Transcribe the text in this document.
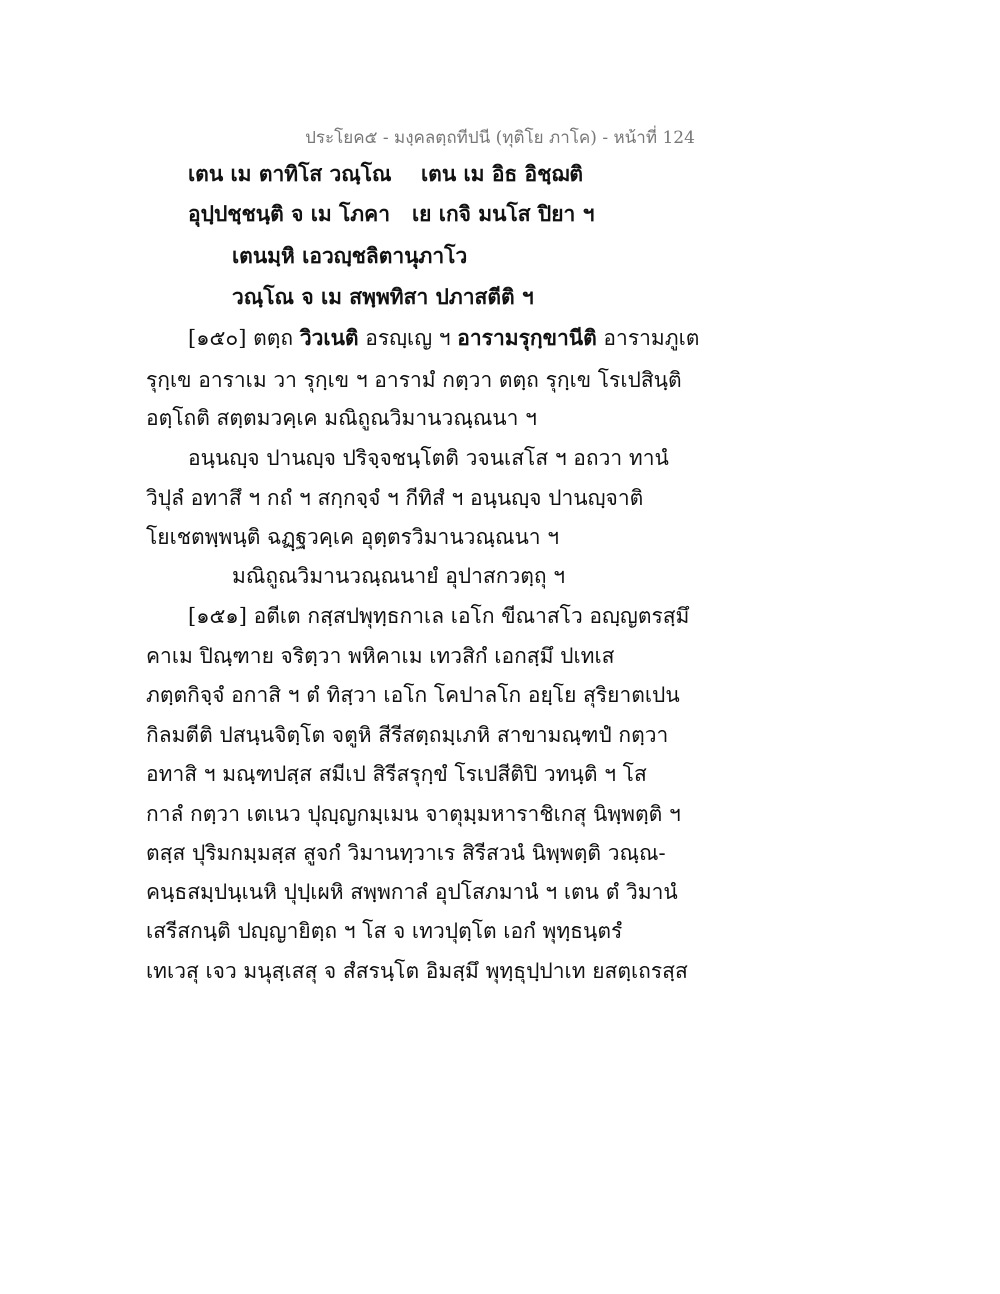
ประโยค๕ - มงฺคลตฺถทีปนี (ทุติโย ภาโค) - หน้าที่ 124
เตน เม ตาทิโส วณฺโณ เตน เม อิธ อิชฺฌติ
อุปฺปชฺชนฺติ จ เม โภคา เย เกจิ มนโส ปิยา ฯ
เตนมฺหิ เอวญฺชลิตานุภาโว
วณฺโณ จ เม สพฺพทิสา ปภาสตีติ ฯ
[๑๕๐] ตตฺถ วิวเนติ อรญฺเญ ฯ อารามรุกฺขานีติ อารามภูเต
รุกฺเข อาราเม วา รุกฺเข ฯ อารามํ กตฺวา ตตฺถ รุกฺเข โรเปสินฺติ
อตฺโถติ สตฺตมวคฺเค มณิถูณวิมานวณฺณนา ฯ
อนฺนญฺจ ปานญฺจ ปริจฺจชนฺโตติ วจนเสโส ฯ อถวา ทานํ
วิปุลํ อทาสึ ฯ กถํ ฯ สกฺกจฺจํ ฯ กีทิสํ ฯ อนฺนญฺจ ปานญฺจาติ
โยเชตพฺพนฺติ ฉฏฺฐวคฺเค อุตฺตรวิมานวณฺณนา ฯ
มณิถูณวิมานวณฺณนายํ อุปาสกวตฺถุ ฯ
[๑๕๑] อตีเต กสฺสปพุทฺธกาเล เอโก ขีณาสโว อญฺญตรสฺมึ
คาเม ปิณฺฑาย จริตฺวา พหิคาเม เทวสิกํ เอกสฺมึ ปเทเส
ภตฺตกิจฺจํ อกาสิ ฯ ตํ ทิสฺวา เอโก โคปาลโก อยฺโย สุริยาตเปน
กิลมตีติ ปสนฺนจิตฺโต จตูหิ สีรีสตฺถมฺเภหิ สาขามณฺฑปํ กตฺวา
อทาสิ ฯ มณฺฑปสฺส สมีเป สิรีสรุกฺขํ โรเปสีติปิ วทนฺติ ฯ โส
กาลํ กตฺวา เตเนว ปุญฺญกมฺเมน จาตุมฺมหาราชิเกสุ นิพฺพตฺติ ฯ
ตสฺส ปุริมกมฺมสฺส สูจกํ วิมานทฺวาเร สิรีสวนํ นิพฺพตฺติ วณฺณ-
คนฺธสมฺปนฺเนหิ ปุปฺเผหิ สพฺพกาลํ อุปโสภมานํ ฯ เตน ตํ วิมานํ
เสรีสกนฺติ ปญฺญายิตฺถ ฯ โส จ เทวปุตฺโต เอกํ พุทฺธนฺตรํ
เทเวสุ เจว มนุสฺเสสุ จ สํสรนฺโต อิมสฺมึ พุทฺธุปฺปาเท ยสตฺเถรสฺส
